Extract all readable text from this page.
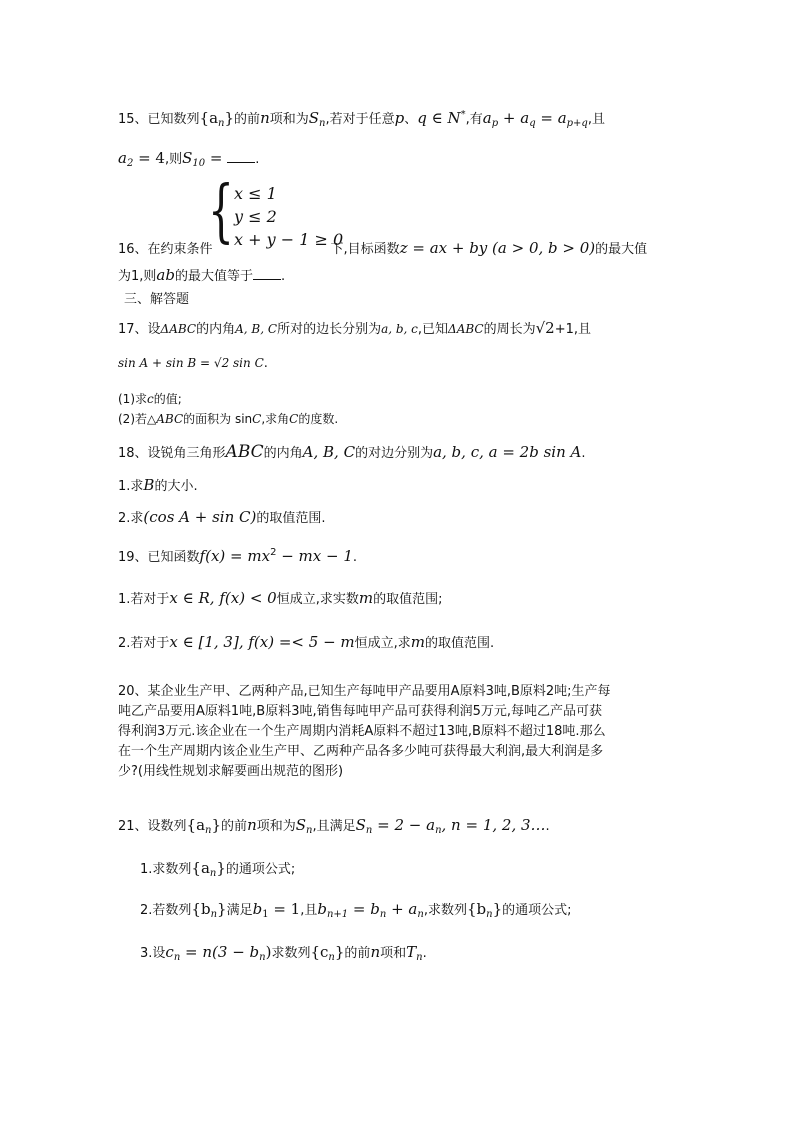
15、已知数列$\{a_n\}$的前n项和为$S_n$,若对于任意p、q ∈ N*,有$a_p + a_q = a_{p+q}$,且
$a_2 = 4$,则$S_{10}$ = .
{ x ≤ 1
y ≤ 2
x + y − 1 ≥ 0
16、在约束条件	下,目标函数z = ax + by (a > 0, b > 0)的最大值
为1,则ab的最大值等于 .
三、解答题
17、设ΔABC的内角A, B, C所对的边长分别为a, b, c,已知ΔABC的周长为√2+1,且
sin A + sin B = √2 sin C.
(1)求c的值;
(2)若△ABC的面积为 sinC,求角C的度数.
18、设锐角三角形ABC的内角A, B, C的对边分别为a, b, c, a = 2b sin A.
1.求B的大小.
2.求(cos A + sin C)的取值范围.
19、已知函数$f(x) = mx^2$ − mx − 1.
1.若对于x ∈ R, f(x) < 0恒成立,求实数m的取值范围;
2.若对于x ∈ [1, 3], f(x) =< 5 − m恒成立,求m的取值范围.
20、某企业生产甲、乙两种产品,已知生产每吨甲产品要用A原料3吨,B原料2吨;生产每
吨乙产品要用A原料1吨,B原料3吨,销售每吨甲产品可获得利润5万元,每吨乙产品可获
得利润3万元.该企业在一个生产周期内消耗A原料不超过13吨,B原料不超过18吨.那么
在一个生产周期内该企业生产甲、乙两种产品各多少吨可获得最大利润,最大利润是多
少?(用线性规划求解要画出规范的图形)
21、设数列$\{a_n\}$的前n项和为$S_n$,且满足$S_n = 2 - a_n$, n = 1, 2, 3….
1.求数列$\{a_n\}$的通项公式;
2.若数列$\{b_n\}$满足$b_1 = 1$,且$b_{n+1} = b_n + a_n$,求数列$\{b_n\}$的通项公式;
3.设$c_n = n(3 - b_n)$求数列$\{c_n\}$的前n项和$T_n$.
